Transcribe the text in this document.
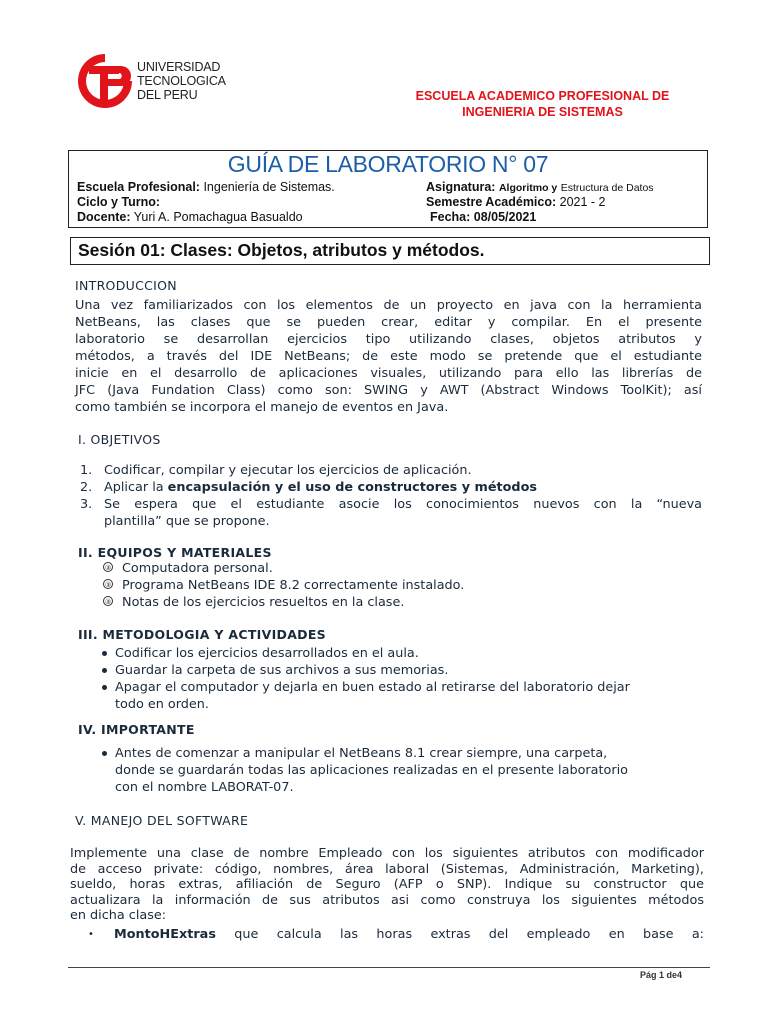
UNIVERSIDAD
TECNOLOGICA
DEL PERU	ESCUELA ACADEMICO PROFESIONAL DE
INGENIERIA DE SISTEMAS
GUÍA DE LABORATORIO N° 07
Escuela Profesional: Ingeniería de Sistemas.	Asignatura: Algoritmo y Estructura de Datos
Ciclo y Turno:	Semestre Académico: 2021 - 2
Docente: Yuri A. Pomachagua Basualdo	Fecha: 08/05/2021
Sesión 01: Clases: Objetos, atributos y métodos.
INTRODUCCION
Una vez familiarizados con los elementos de un proyecto en java con la herramienta
NetBeans, las clases que se pueden crear, editar y compilar. En el presente
laboratorio se desarrollan ejercicios tipo utilizando clases, objetos atributos y
métodos, a través del IDE NetBeans; de este modo se pretende que el estudiante
inicie en el desarrollo de aplicaciones visuales, utilizando para ello las librerías de
JFC (Java Fundation Class) como son: SWING y AWT (Abstract Windows ToolKit); así
como también se incorpora el manejo de eventos en Java.
I. OBJETIVOS
1. Codificar, compilar y ejecutar los ejercicios de aplicación.
2. Aplicar la encapsulación y el uso de constructores y métodos
3. Se espera que el estudiante asocie los conocimientos nuevos con la “nueva
plantilla” que se propone.
II. EQUIPOS Y MATERIALES
③ Computadora personal.
③ Programa NetBeans IDE 8.2 correctamente instalado.
③ Notas de los ejercicios resueltos en la clase.
III. METODOLOGIA Y ACTIVIDADES
Codificar los ejercicios desarrollados en el aula.
Guardar la carpeta de sus archivos a sus memorias.
Apagar el computador y dejarla en buen estado al retirarse del laboratorio dejar
todo en orden.
IV. IMPORTANTE
Antes de comenzar a manipular el NetBeans 8.1 crear siempre, una carpeta,
donde se guardarán todas las aplicaciones realizadas en el presente laboratorio
con el nombre LABORAT-07.
V. MANEJO DEL SOFTWARE
Implemente una clase de nombre Empleado con los siguientes atributos con modificador
de acceso private: código, nombres, área laboral (Sistemas, Administración, Marketing),
sueldo, horas extras, afiliación de Seguro (AFP o SNP). Indique su constructor que
actualizara la información de sus atributos asi como construya los siguientes métodos
en dicha clase:
• MontoHExtras que calcula las horas extras del empleado en base a:
Pág 1 de4
